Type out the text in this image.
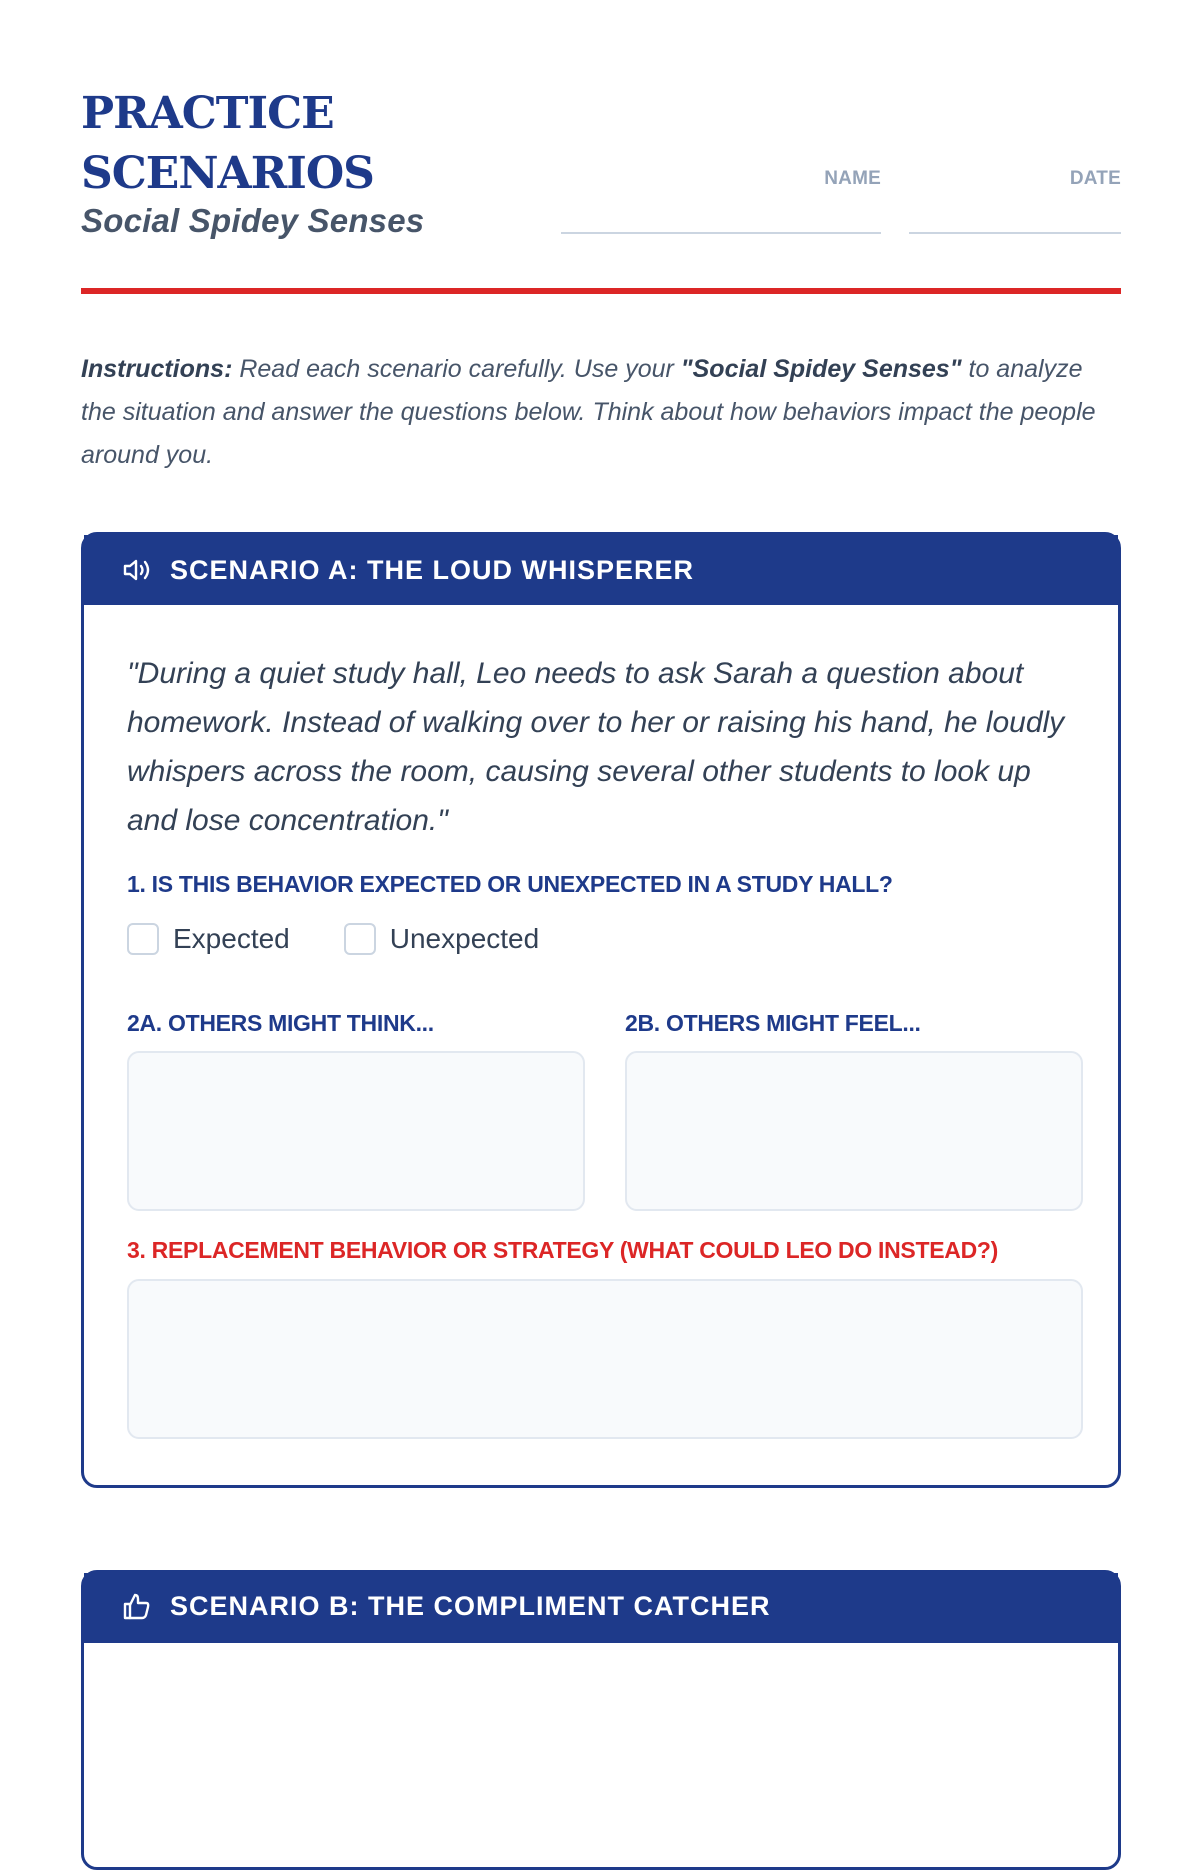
PRACTICE
SCENARIOS
Social Spidey Senses
NAME	DATE

Instructions: Read each scenario carefully. Use your "Social Spidey Senses" to analyze the situation and answer the questions below. Think about how behaviors impact the people around you.

SCENARIO A: THE LOUD WHISPERER

"During a quiet study hall, Leo needs to ask Sarah a question about homework. Instead of walking over to her or raising his hand, he loudly whispers across the room, causing several other students to look up and lose concentration."

1. IS THIS BEHAVIOR EXPECTED OR UNEXPECTED IN A STUDY HALL?
Expected	Unexpected
2A. OTHERS MIGHT THINK...	2B. OTHERS MIGHT FEEL...
3. REPLACEMENT BEHAVIOR OR STRATEGY (WHAT COULD LEO DO INSTEAD?)
SCENARIO B: THE COMPLIMENT CATCHER
